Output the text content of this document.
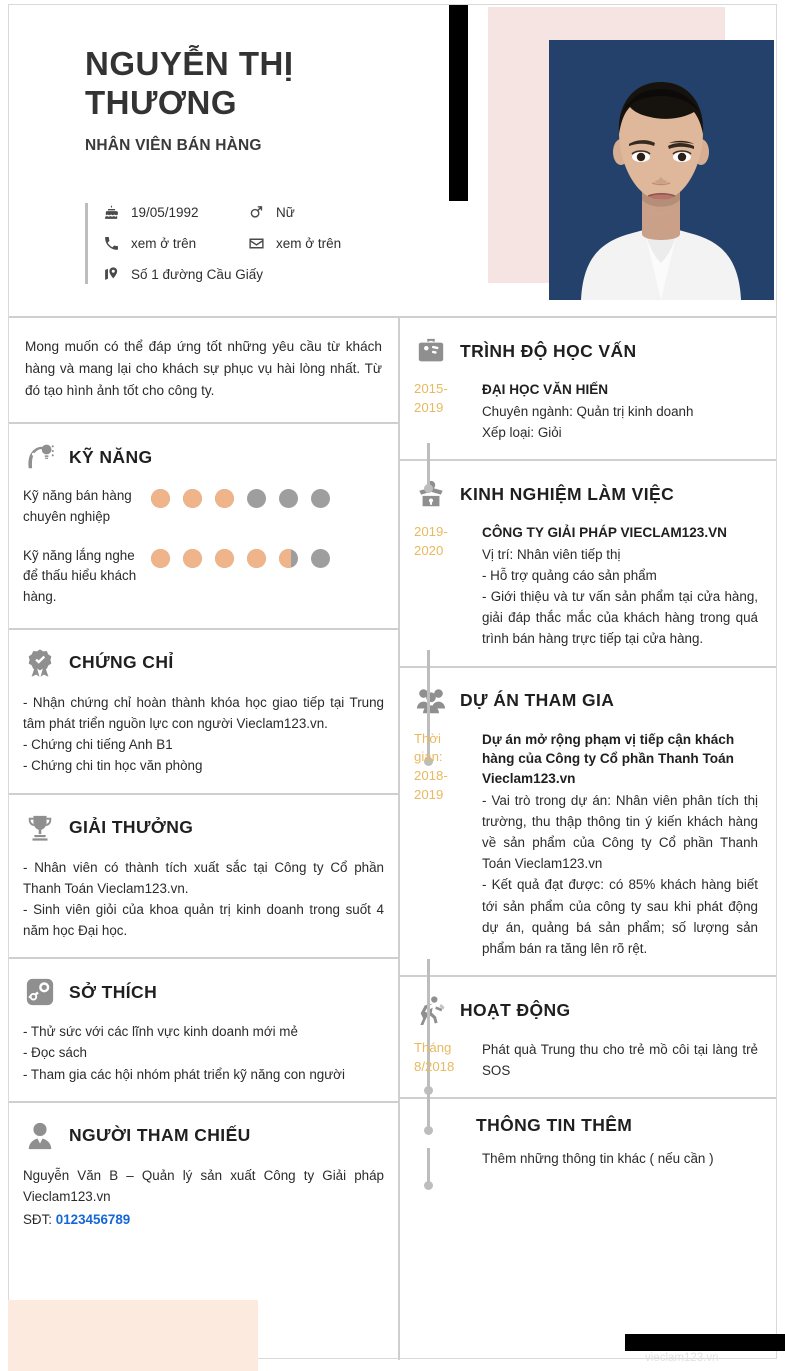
NGUYỄN THỊ THƯƠNG
NHÂN VIÊN BÁN HÀNG
19/05/1992	Nữ
xem ở trên	xem ở trên
Số 1 đường Cầu Giấy
Mong muốn có thể đáp ứng tốt những yêu cầu từ khách hàng và mang lại cho khách sự phục vụ hài lòng nhất. Từ đó tạo hình ảnh tốt cho công ty.
KỸ NĂNG
Kỹ năng bán hàng chuyên nghiệp
Kỹ năng lắng nghe để thấu hiểu khách hàng.
CHỨNG CHỈ
- Nhận chứng chỉ hoàn thành khóa học giao tiếp tại Trung tâm phát triển nguồn lực con người Vieclam123.vn.
- Chứng chi tiếng Anh B1
- Chứng chi tin học văn phòng
GIẢI THƯỞNG
- Nhân viên có thành tích xuất sắc tại Công ty Cổ phần Thanh Toán Vieclam123.vn.
- Sinh viên giỏi của khoa quản trị kinh doanh trong suốt 4 năm học Đại học.
SỞ THÍCH
- Thử sức với các lĩnh vực kinh doanh mới mẻ
- Đọc sách
- Tham gia các hội nhóm phát triển kỹ năng con người
NGƯỜI THAM CHIẾU
Nguyễn Văn B – Quản lý sản xuất Công ty Giải pháp Vieclam123.vn
SĐT: 0123456789
TRÌNH ĐỘ HỌC VẤN
2015-
2019
ĐẠI HỌC VĂN HIẾN
Chuyên ngành: Quản trị kinh doanh
Xếp loại: Giỏi
KINH NGHIỆM LÀM VIỆC
2019-
2020
CÔNG TY GIẢI PHÁP VIECLAM123.VN
Vị trí: Nhân viên tiếp thị
- Hỗ trợ quảng cáo sản phẩm
- Giới thiệu và tư vấn sản phẩm tại cửa hàng, giải đáp thắc mắc của khách hàng trong quá trình bán hàng trực tiếp tại cửa hàng.
DỰ ÁN THAM GIA
Thời
gian:
2018-
2019
Dự án mở rộng phạm vị tiếp cận khách hàng của Công ty Cổ phần Thanh Toán Vieclam123.vn
- Vai trò trong dự án: Nhân viên phân tích thị trường, thu thập thông tin ý kiến khách hàng về sản phẩm của Công ty Cổ phần Thanh Toán Vieclam123.vn
- Kết quả đạt được: có 85% khách hàng biết tới sản phẩm của công ty sau khi phát động dự án, quảng bá sản phẩm; số lượng sản phẩm bán ra tăng lên rõ rệt.
HOẠT ĐỘNG
Tháng
8/2018
Phát quà Trung thu cho trẻ mồ côi tại làng trẻ SOS
THÔNG TIN THÊM
Thêm những thông tin khác ( nếu cần )
vieclam123.vn
